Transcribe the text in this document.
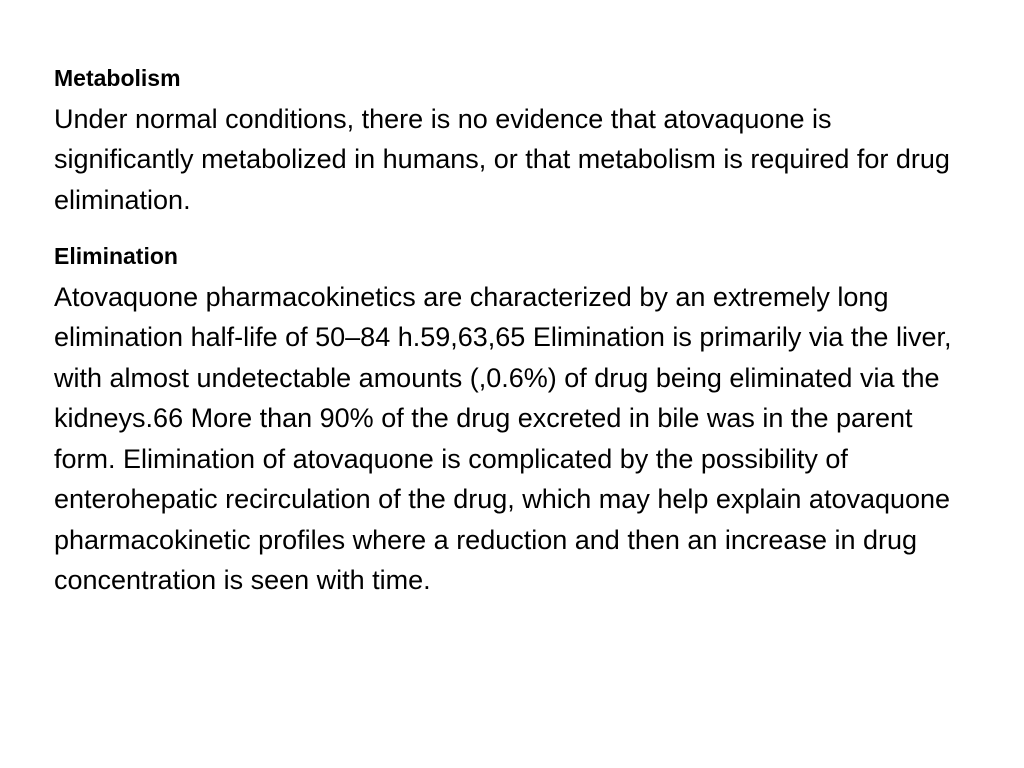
Metabolism
Under normal conditions, there is no evidence that atovaquone is significantly metabolized in humans, or that metabolism is required for drug elimination.
Elimination
Atovaquone pharmacokinetics are characterized by an extremely long elimination half-life of 50–84 h.59,63,65 Elimination is primarily via the liver, with almost undetectable amounts (,0.6%) of drug being eliminated via the kidneys.66 More than 90% of the drug excreted in bile was in the parent form. Elimination of atovaquone is complicated by the possibility of enterohepatic recirculation of the drug, which may help explain atovaquone pharmacokinetic profiles where a reduction and then an increase in drug concentration is seen with time.
